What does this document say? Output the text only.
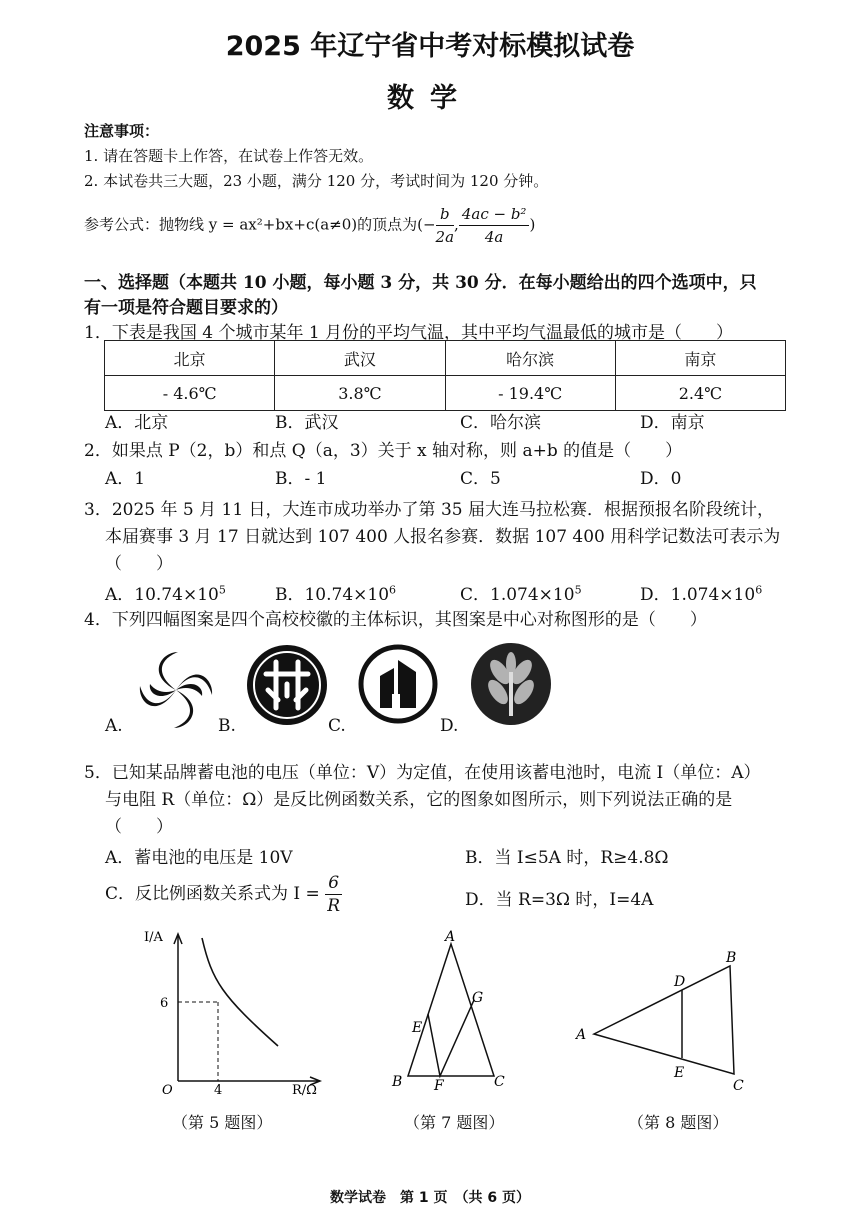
2025 年辽宁省中考对标模拟试卷
数学
注意事项：
1. 请在答题卡上作答，在试卷上作答无效。
2. 本试卷共三大题，23 小题，满分 120 分，考试时间为 120 分钟。
参考公式：抛物线 y = ax²+bx+c(a≠0)的顶点为(− $\frac{b}{2a}$ , $\frac{\text{4ac − b²}}{4a}$ )
一、选择题（本题共 10 小题，每小题 3 分，共 30 分．在每小题给出的四个选项中，只
有一项是符合题目要求的）
1．下表是我国 4 个城市某年 1 月份的平均气温，其中平均气温最低的城市是（　　）
北京	武汉	哈尔滨	南京
- 4.6℃	3.8℃	- 19.4℃	2.4℃
A．北京	B．武汉	C．哈尔滨	D．南京
2．如果点 P（2，b）和点 Q（a，3）关于 x 轴对称，则 a+b 的值是（　　）
A．1	B．- 1	C．5	D．0
3．2025 年 5 月 11 日，大连市成功举办了第 35 届大连马拉松赛．根据预报名阶段统计，
本届赛事 3 月 17 日就达到 107 400 人报名参赛．数据 107 400 用科学记数法可表示为
（　　）
A．$10.74\times 10^5$	B．$10.74\times 10^6$	C．$1.074\times 10^5$	D．$1.074\times 10^6$
4．下列四幅图案是四个高校校徽的主体标识，其图案是中心对称图形的是（　　）
A.	B.	C.	D.
5．已知某品牌蓄电池的电压（单位：V）为定值，在使用该蓄电池时，电流 I（单位：A）
与电阻 R（单位：Ω）是反比例函数关系，它的图象如图所示，则下列说法正确的是
（　　）
A．蓄电池的电压是 10V	B．当 I≤5A 时，R≥4.8Ω
C．反比例函数关系式为 $I = \frac{6}{R}$	D．当 R=3Ω 时，I=4A
I/A
R/Ω
O
6
4
（第 5 题图）
A
B	C
E
F
G
（第 7 题图）
A
B
C
D
E
（第 8 题图）
数学试卷　第 1 页　（共 6 页）
